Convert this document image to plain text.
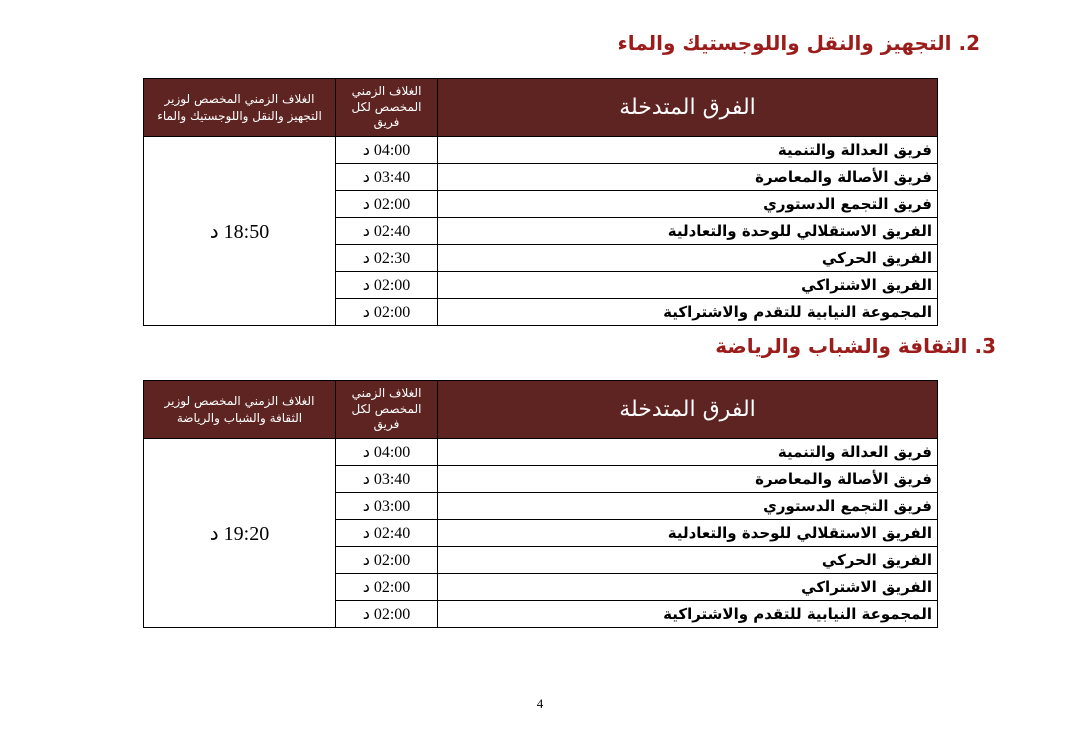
2. التجهيز والنقل واللوجستيك والماء
الفرق المتدخلة	الغلاف الزمني المخصص لكل فريق	الغلاف الزمني المخصص لوزير التجهيز والنقل واللوجستيك والماء
فريق العدالة والتنمية	04:00 د	18:50 د
فريق الأصالة والمعاصرة	03:40 د	
فريق التجمع الدستوري	02:00 د	
الفريق الاستقلالي للوحدة والتعادلية	02:40 د	
الفريق الحركي	02:30 د	
الفريق الاشتراكي	02:00 د	
المجموعة النيابية للتقدم والاشتراكية	02:00 د	
3. الثقافة والشباب والرياضة
الفرق المتدخلة	الغلاف الزمني المخصص لكل فريق	الغلاف الزمني المخصص لوزير الثقافة والشباب والرياضة
فريق العدالة والتنمية	04:00 د	19:20 د
فريق الأصالة والمعاصرة	03:40 د	
فريق التجمع الدستوري	03:00 د	
الفريق الاستقلالي للوحدة والتعادلية	02:40 د	
الفريق الحركي	02:00 د	
الفريق الاشتراكي	02:00 د	
المجموعة النيابية للتقدم والاشتراكية	02:00 د	
4
